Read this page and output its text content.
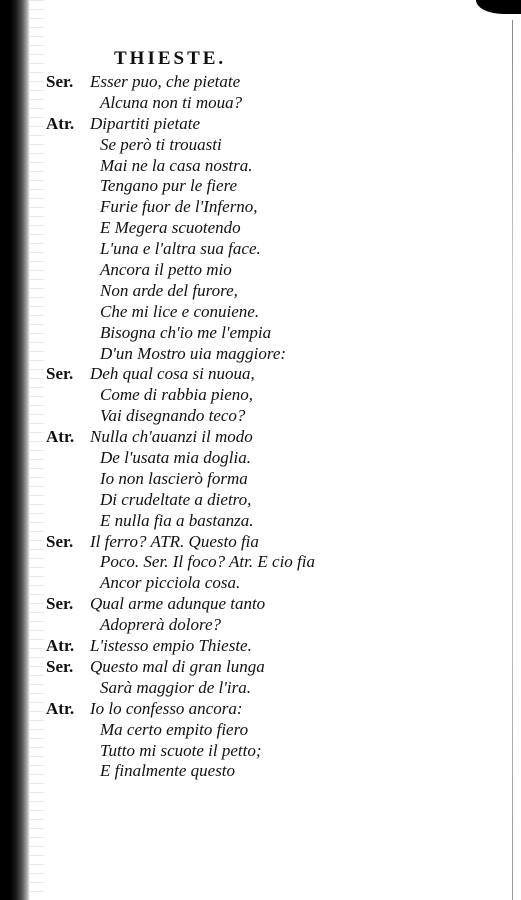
THIESTE.
Ser. Esser puo, che pietate
Alcuna non ti moua?
Atr. Dipartiti pietate
Se però ti trouasti
Mai ne la casa nostra.
Tengano pur le fiere
Furie fuor de l'Inferno,
E Megera scuotendo
L'una e l'altra sua face.
Ancora il petto mio
Non arde del furore,
Che mi lice e conuiene.
Bisogna ch'io me l'empia
D'un Mostro uia maggiore:
Ser. Deh qual cosa si nuoua,
Come di rabbia pieno,
Vai disegnando teco?
Atr. Nulla ch'auanzi il modo
De l'usata mia doglia.
Io non lascierò forma
Di crudeltate a dietro,
E nulla fia a bastanza.
Ser. Il ferro? ATR. Questo fia
Poco. Ser. Il foco? Atr. E cio fia
Ancor picciola cosa.
Ser. Qual arme adunque tanto
Adoprerà dolore?
Atr. L'istesso empio Thieste.
Ser. Questo mal di gran lunga
Sarà maggior de l'ira.
Atr. Io lo confesso ancora:
Ma certo empito fiero
Tutto mi scuote il petto;
E finalmente questo
